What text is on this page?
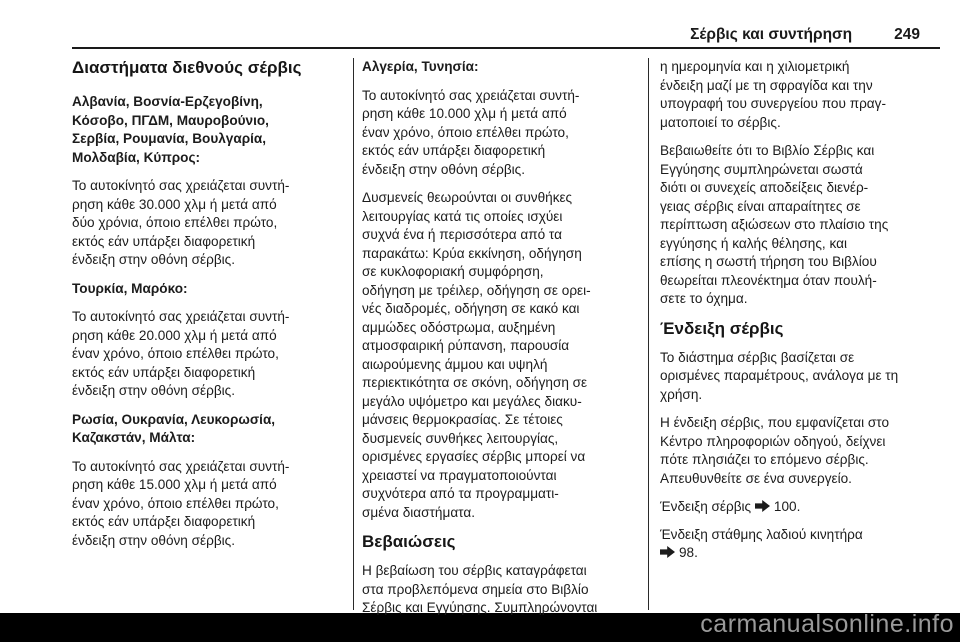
Σέρβις και συντήρηση	249
Διαστήματα διεθνούς σέρβις
Αλβανία, Βοσνία-Ερζεγοβίνη,
Κόσοβο, ΠΓΔΜ, Μαυροβούνιο,
Σερβία, Ρουμανία, Βουλγαρία,
Μολδαβία, Κύπρος:
Το αυτοκίνητό σας χρειάζεται συντή-
ρηση κάθε 30.000 χλμ ή μετά από
δύο χρόνια, όποιο επέλθει πρώτο,
εκτός εάν υπάρξει διαφορετική
ένδειξη στην οθόνη σέρβις.
Τουρκία, Μαρόκο:
Το αυτοκίνητό σας χρειάζεται συντή-
ρηση κάθε 20.000 χλμ ή μετά από
έναν χρόνο, όποιο επέλθει πρώτο,
εκτός εάν υπάρξει διαφορετική
ένδειξη στην οθόνη σέρβις.
Ρωσία, Ουκρανία, Λευκορωσία,
Καζακστάν, Μάλτα:
Το αυτοκίνητό σας χρειάζεται συντή-
ρηση κάθε 15.000 χλμ ή μετά από
έναν χρόνο, όποιο επέλθει πρώτο,
εκτός εάν υπάρξει διαφορετική
ένδειξη στην οθόνη σέρβις.
Αλγερία, Τυνησία:
Το αυτοκίνητό σας χρειάζεται συντή-
ρηση κάθε 10.000 χλμ ή μετά από
έναν χρόνο, όποιο επέλθει πρώτο,
εκτός εάν υπάρξει διαφορετική
ένδειξη στην οθόνη σέρβις.
Δυσμενείς θεωρούνται οι συνθήκες
λειτουργίας κατά τις οποίες ισχύει
συχνά ένα ή περισσότερα από τα
παρακάτω: Κρύα εκκίνηση, οδήγηση
σε κυκλοφοριακή συμφόρηση,
οδήγηση με τρέιλερ, οδήγηση σε ορει-
νές διαδρομές, οδήγηση σε κακό και
αμμώδες οδόστρωμα, αυξημένη
ατμοσφαιρική ρύπανση, παρουσία
αιωρούμενης άμμου και υψηλή
περιεκτικότητα σε σκόνη, οδήγηση σε
μεγάλο υψόμετρο και μεγάλες διακυ-
μάνσεις θερμοκρασίας. Σε τέτοιες
δυσμενείς συνθήκες λειτουργίας,
ορισμένες εργασίες σέρβις μπορεί να
χρειαστεί να πραγματοποιούνται
συχνότερα από τα προγραμματι-
σμένα διαστήματα.
Βεβαιώσεις
Η βεβαίωση του σέρβις καταγράφεται
στα προβλεπόμενα σημεία στο Βιβλίο
Σέρβις και Εγγύησης. Συμπληρώνονται
η ημερομηνία και η χιλιομετρική
ένδειξη μαζί με τη σφραγίδα και την
υπογραφή του συνεργείου που πραγ-
ματοποιεί το σέρβις.
Βεβαιωθείτε ότι το Βιβλίο Σέρβις και
Εγγύησης συμπληρώνεται σωστά
διότι οι συνεχείς αποδείξεις διενέρ-
γειας σέρβις είναι απαραίτητες σε
περίπτωση αξιώσεων στο πλαίσιο της
εγγύησης ή καλής θέλησης, και
επίσης η σωστή τήρηση του Βιβλίου
θεωρείται πλεονέκτημα όταν πουλή-
σετε το όχημα.
Ένδειξη σέρβις
Το διάστημα σέρβις βασίζεται σε
ορισμένες παραμέτρους, ανάλογα με τη
χρήση.
Η ένδειξη σέρβις, που εμφανίζεται στο
Κέντρο πληροφοριών οδηγού, δείχνει
πότε πλησιάζει το επόμενο σέρβις.
Απευθυνθείτε σε ένα συνεργείο.
Ένδειξη σέρβις 100.
Ένδειξη στάθμης λαδιού κινητήρα
98.
carmanualsonline.info
